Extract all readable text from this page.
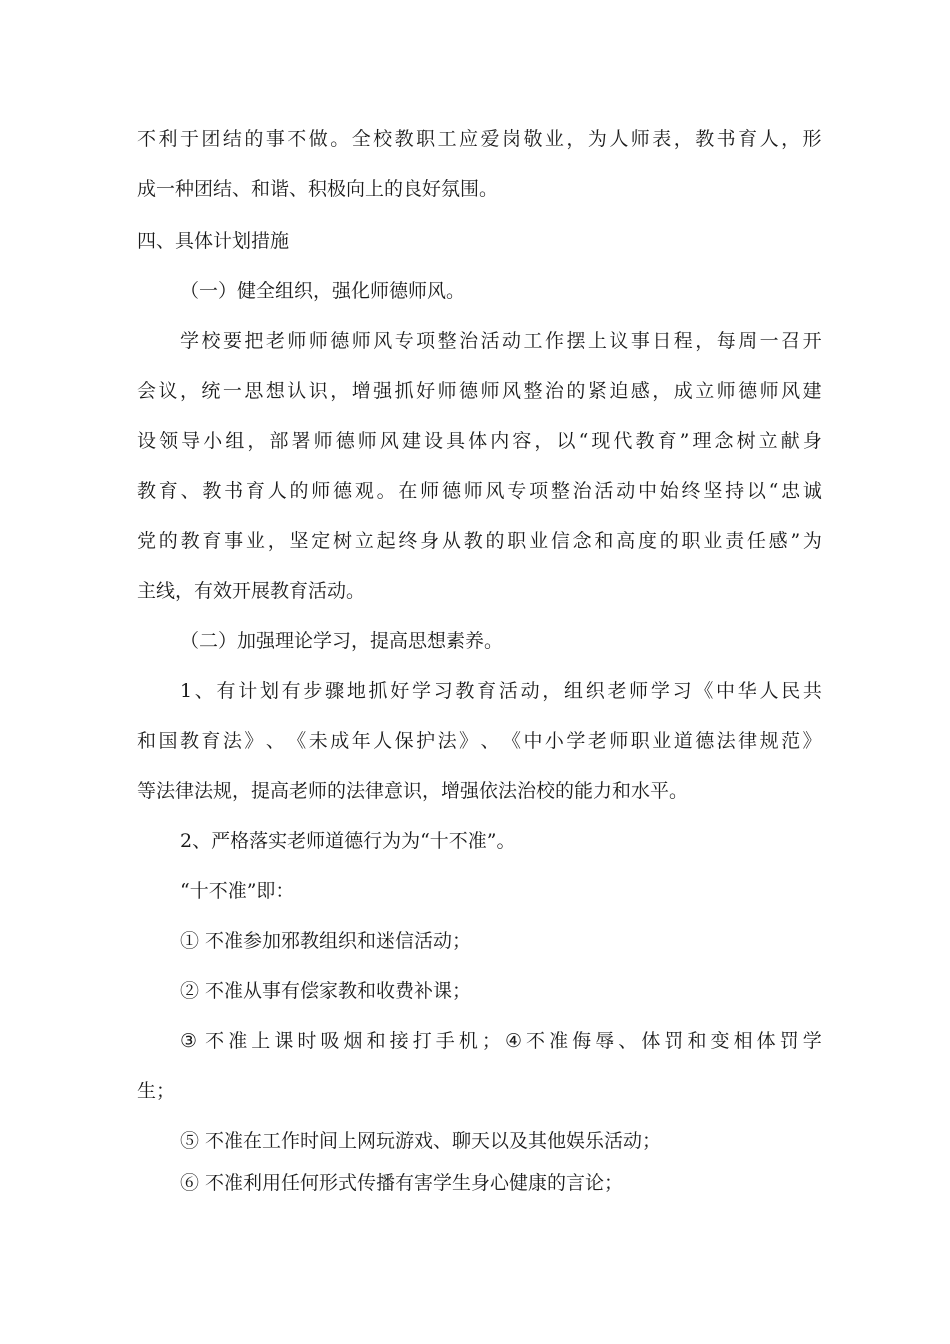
不 利 于 团 结 的 事 不 做 。 全 校 教 职 工 应 爱 岗 敬 业 ， 为 人 师 表 ， 教 书 育 人 ， 形
成一种团结、和谐、积极向上的良好氛围。
四、具体计划措施
（一）健全组织，强化师德师风。
学 校 要 把 老 师 师 德 师 风 专 项 整 治 活 动 工 作 摆 上 议 事 日 程 ， 每 周 一 召 开
会 议 ， 统 一 思 想 认 识 ， 增 强 抓 好 师 德 师 风 整 治 的 紧 迫 感 ， 成 立 师 德 师 风 建
设 领 导 小 组 ， 部 署 师 德 师 风 建 设 具 体 内 容 ， 以 “ 现 代 教 育 ” 理 念 树 立 献 身
教 育 、 教 书 育 人 的 师 德 观 。 在 师 德 师 风 专 项 整 治 活 动 中 始 终 坚 持 以 “ 忠 诚
党 的 教 育 事 业 ， 坚 定 树 立 起 终 身 从 教 的 职 业 信 念 和 高 度 的 职 业 责 任 感 ” 为
主线，有效开展教育活动。
（二）加强理论学习，提高思想素养。
1 、 有 计 划 有 步 骤 地 抓 好 学 习 教 育 活 动 ， 组 织 老 师 学 习 《 中 华 人 民 共
和 国 教 育 法 》 、 《 未 成 年 人 保 护 法 》 、 《 中 小 学 老 师 职 业 道 德 法 律 规 范 》
等法律法规，提高老师的法律意识，增强依法治校的能力和水平。
2、严格落实老师道德行为为“十不准”。
“十不准”即：
① 不准参加邪教组织和迷信活动；
② 不准从事有偿家教和收费补课；
③ 不 准 上 课 时 吸 烟 和 接 打 手 机 ； ④ 不 准 侮 辱 、 体 罚 和 变 相 体 罚 学
生；
⑤ 不准在工作时间上网玩游戏、聊天以及其他娱乐活动；
⑥ 不准利用任何形式传播有害学生身心健康的言论；
